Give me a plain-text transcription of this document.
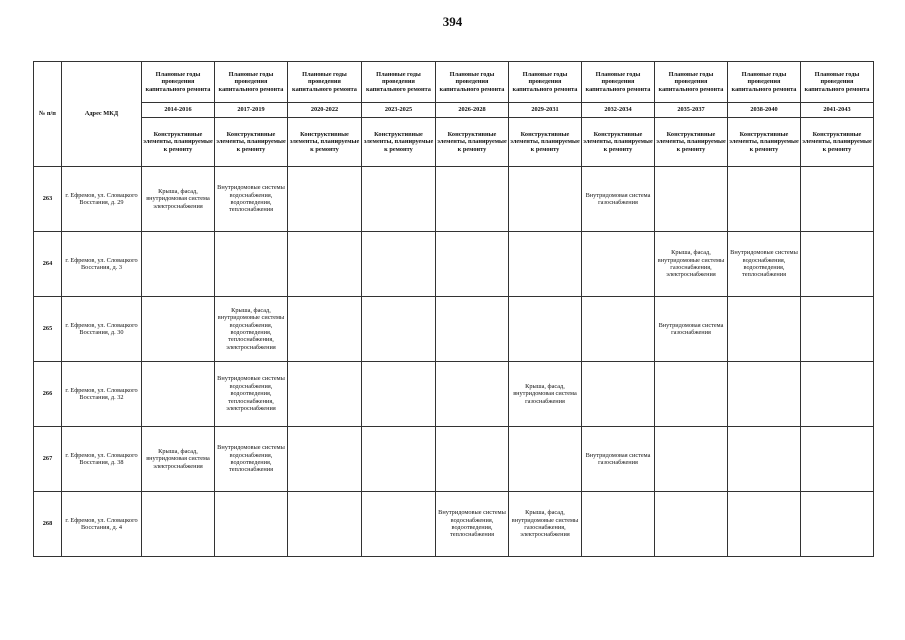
394
№ п/п	Адрес МКД	Плановые годы проведения капитального ремонта	Плановые годы проведения капитального ремонта	Плановые годы проведения капитального ремонта	Плановые годы проведения капитального ремонта	Плановые годы проведения капитального ремонта	Плановые годы проведения капитального ремонта	Плановые годы проведения капитального ремонта	Плановые годы проведения капитального ремонта	Плановые годы проведения капитального ремонта	Плановые годы проведения капитального ремонта
		2014-2016	2017-2019	2020-2022	2023-2025	2026-2028	2029-2031	2032-2034	2035-2037	2038-2040	2041-2043
		Конструктивные элементы, планируемые к ремонту	Конструктивные элементы, планируемые к ремонту	Конструктивные элементы, планируемые к ремонту	Конструктивные элементы, планируемые к ремонту	Конструктивные элементы, планируемые к ремонту	Конструктивные элементы, планируемые к ремонту	Конструктивные элементы, планируемые к ремонту	Конструктивные элементы, планируемые к ремонту	Конструктивные элементы, планируемые к ремонту	Конструктивные элементы, планируемые к ремонту
263	г. Ефремов, ул. Словацкого Восстания, д. 29	Крыша, фасад, внутридомовая система электроснабжения	Внутридомовые системы водоснабжения, водоотведения, теплоснабжения					Внутридомовая система газоснабжения			
264	г. Ефремов, ул. Словацкого Восстания, д. 3								Крыша, фасад, внутридомовые системы газоснабжения, электроснабжения	Внутридомовые системы водоснабжения, водоотведения, теплоснабжения	
265	г. Ефремов, ул. Словацкого Восстания, д. 30		Крыша, фасад, внутридомовые системы водоснабжения, водоотведения, теплоснабжения, электроснабжения						Внутридомовая система газоснабжения		
266	г. Ефремов, ул. Словацкого Восстания, д. 32		Внутридомовые системы водоснабжения, водоотведения, теплоснабжения, электроснабжения				Крыша, фасад, внутридомовая система газоснабжения				
267	г. Ефремов, ул. Словацкого Восстания, д. 38	Крыша, фасад, внутридомовая система электроснабжения	Внутридомовые системы водоснабжения, водоотведения, теплоснабжения					Внутридомовая система газоснабжения			
268	г. Ефремов, ул. Словацкого Восстания, д. 4					Внутридомовые системы водоснабжения, водоотведения, теплоснабжения	Крыша, фасад, внутридомовые системы газоснабжения, электроснабжения				
